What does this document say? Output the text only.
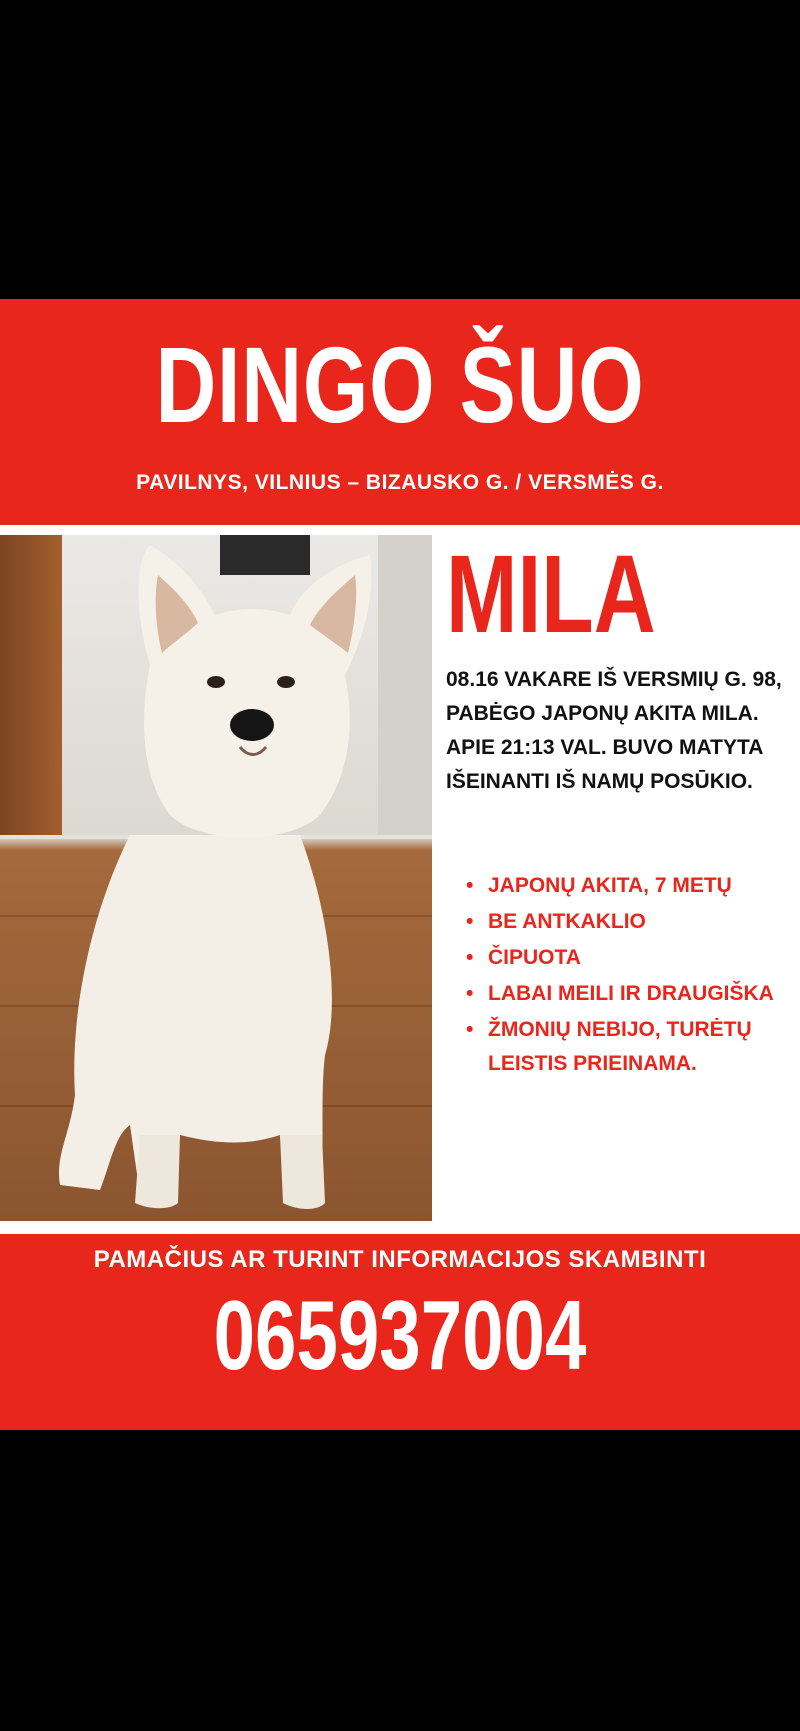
DINGO ŠUO
PAVILNYS, VILNIUS – BIZAUSKO G. / VERSMĖS G.
MILA

08.16 VAKARE IŠ VERSMIŲ G. 98, PABĖGO JAPONŲ AKITA MILA. APIE 21:13 VAL. BUVO MATYTA IŠEINANTI IŠ NAMŲ POSŪKIO.

• JAPONŲ AKITA, 7 METŲ
• BE ANTKAKLIO
• ČIPUOTA
• LABAI MEILI IR DRAUGIŠKA
• ŽMONIŲ NEBIJO, TURĖTŲ LEISTIS PRIEINAMA.
PAMAČIUS AR TURINT INFORMACIJOS SKAMBINTI
065937004
